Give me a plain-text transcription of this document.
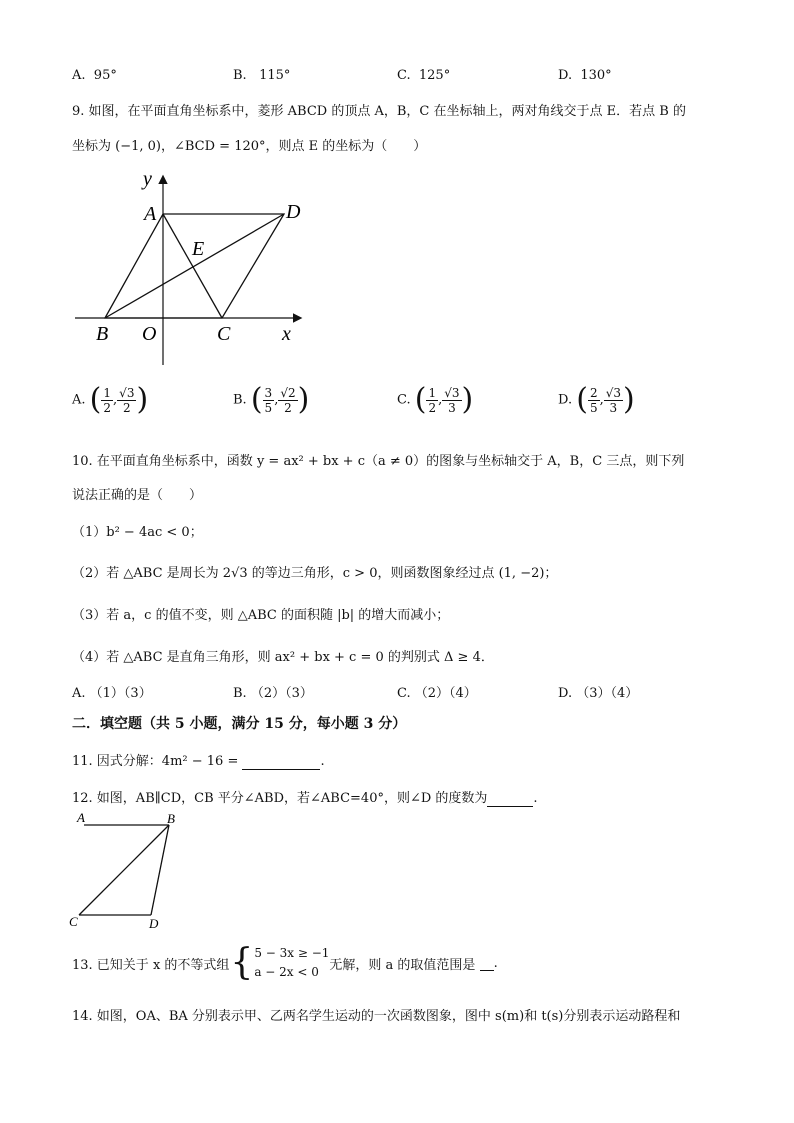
A. 95°	B. 115°	C. 125°	D. 130°
9. 如图，在平面直角坐标系中，菱形 ABCD 的顶点 A，B，C 在坐标轴上，两对角线交于点 E．若点 B 的
坐标为 (−1, 0)，∠BCD = 120°，则点 E 的坐标为（　　）
y
x
A	D
E
B O	C
A. ( $\frac{1}{2}$ , $\frac{√3}{2}$ )	B. ( $\frac{3}{5}$ , $\frac{√2}{2}$ )	C. ( $\frac{1}{2}$ , $\frac{√3}{3}$ )	D. ( $\frac{2}{5}$ , $\frac{√3}{3}$ )
10. 在平面直角坐标系中，函数 y = ax² + bx + c（a ≠ 0）的图象与坐标轴交于 A，B，C 三点，则下列
说法正确的是（　　）
（1）b² − 4ac < 0；
（2）若 △ABC 是周长为 2√3 的等边三角形，c > 0，则函数图象经过点 (1, −2)；
（3）若 a，c 的值不变，则 △ABC 的面积随 |b| 的增大而减小；
（4）若 △ABC 是直角三角形，则 ax² + bx + c = 0 的判别式 Δ ≥ 4．
A. （1）（3）	B. （2）（3）	C. （2）（4）	D. （3）（4）
二．填空题（共 5 小题，满分 15 分，每小题 3 分）
11. 因式分解：4m² − 16 =	.
12. 如图，AB∥CD，CB 平分∠ABD，若∠ABC=40°，则∠D 的度数为	.
A	B
C	D
13. 已知关于 x 的不等式组 { 5 − 3x ≥ −1
a − 2x < 0 无解，则 a 的取值范围是

.
14. 如图，OA、BA 分别表示甲、乙两名学生运动的一次函数图象，图中 s(m)和 t(s)分别表示运动路程和
